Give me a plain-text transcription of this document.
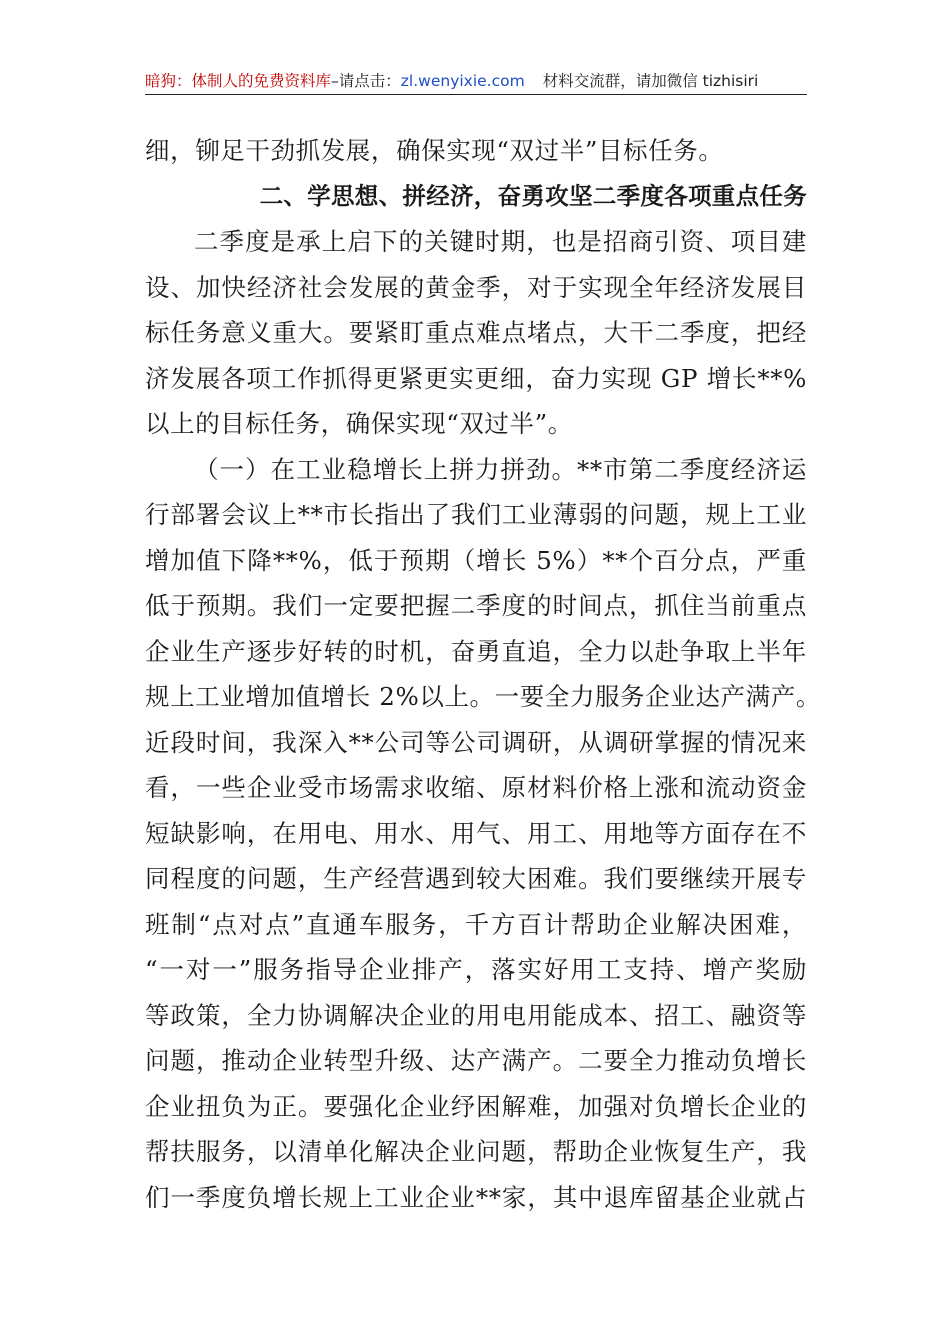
暗狗：体制人的免费资料库–请点击：zl.wenyixie.com 材料交流群，请加微信 tizhisiri
细，铆足干劲抓发展，确保实现“双过半”目标任务。
二、学思想、拼经济，奋勇攻坚二季度各项重点任务
二季度是承上启下的关键时期，也是招商引资、项目建
设、加快经济社会发展的黄金季，对于实现全年经济发展目
标任务意义重大。要紧盯重点难点堵点，大干二季度，把经
济发展各项工作抓得更紧更实更细，奋力实现 GP 增长**%
以上的目标任务，确保实现“双过半”。
（一）在工业稳增长上拼力拼劲。**市第二季度经济运
行部署会议上**市长指出了我们工业薄弱的问题，规上工业
增加值下降**%，低于预期（增长 5%）**个百分点，严重
低于预期。我们一定要把握二季度的时间点，抓住当前重点
企业生产逐步好转的时机，奋勇直追，全力以赴争取上半年
规上工业增加值增长 2%以上。一要全力服务企业达产满产。
近段时间，我深入**公司等公司调研，从调研掌握的情况来
看，一些企业受市场需求收缩、原材料价格上涨和流动资金
短缺影响，在用电、用水、用气、用工、用地等方面存在不
同程度的问题，生产经营遇到较大困难。我们要继续开展专
班制“点对点”直通车服务，千方百计帮助企业解决困难，
“一对一”服务指导企业排产，落实好用工支持、增产奖励
等政策，全力协调解决企业的用电用能成本、招工、融资等
问题，推动企业转型升级、达产满产。二要全力推动负增长
企业扭负为正。要强化企业纾困解难，加强对负增长企业的
帮扶服务，以清单化解决企业问题，帮助企业恢复生产，我
们一季度负增长规上工业企业**家，其中退库留基企业就占
